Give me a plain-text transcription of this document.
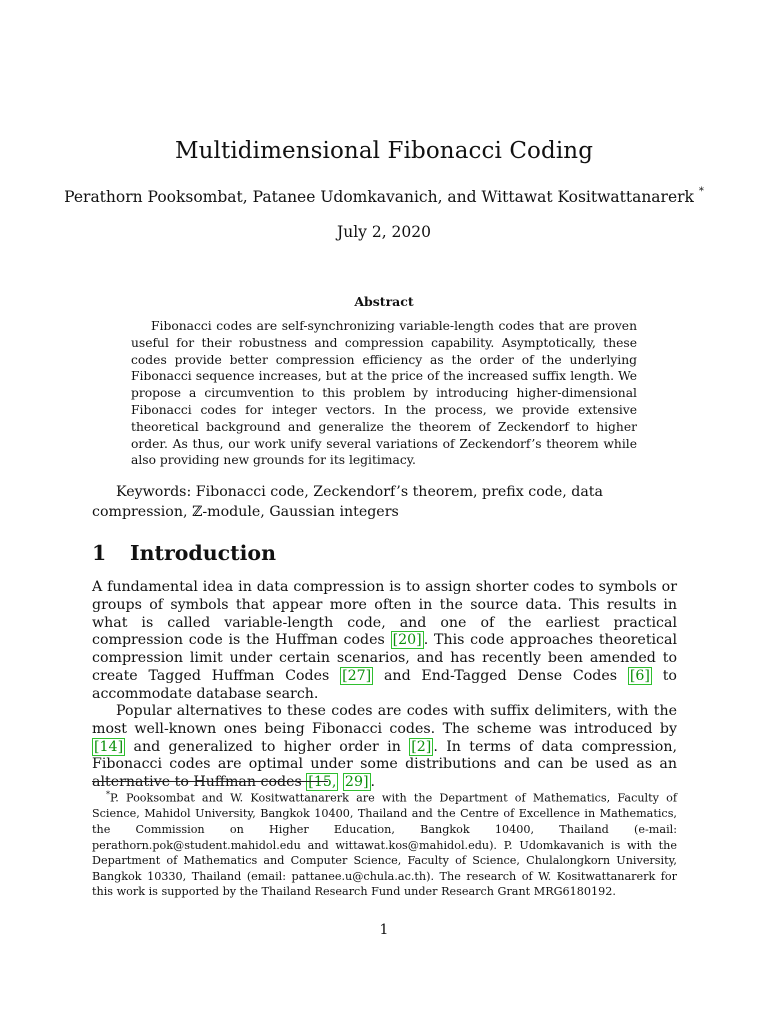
Multidimensional Fibonacci Coding
Perathorn Pooksombat, Patanee Udomkavanich, and Wittawat Kositwattanarerk *
July 2, 2020
Abstract

Fibonacci codes are self-synchronizing variable-length codes that are proven useful for their robustness and compression capability. Asymptotically, these codes provide better compression efficiency as the order of the underlying Fibonacci sequence increases, but at the price of the increased suffix length. We propose a circumvention to this problem by introducing higher-dimensional Fibonacci codes for integer vectors. In the process, we provide extensive theoretical background and generalize the theorem of Zeckendorf to higher order. As thus, our work unify several variations of Zeckendorf’s theorem while also providing new grounds for its legitimacy.

Keywords: Fibonacci code, Zeckendorf’s theorem, prefix code, data compression, ℤ-module, Gaussian integers

1 Introduction

A fundamental idea in data compression is to assign shorter codes to symbols or groups of symbols that appear more often in the source data. This results in what is called variable-length code, and one of the earliest practical compression code is the Huffman codes [20] . This code approaches theoretical compression limit under certain scenarios, and has recently been amended to create Tagged Huffman Codes [27] and End-Tagged Dense Codes [6] to accommodate database search.

Popular alternatives to these codes are codes with suffix delimiters, with the most well-known ones being Fibonacci codes. The scheme was introduced by [14] and generalized to higher order in [2] . In terms of data compression, Fibonacci codes are optimal under some distributions and can be used as an alternative to Huffman codes [15, 29] .

*P. Pooksombat and W. Kositwattanarerk are with the Department of Mathematics, Faculty of Science, Mahidol University, Bangkok 10400, Thailand and the Centre of Excellence in Mathematics, the Commission on Higher Education, Bangkok 10400, Thailand (e-mail: perathorn.pok@student.mahidol.edu and wittawat.kos@mahidol.edu). P. Udomkavanich is with the Department of Mathematics and Computer Science, Faculty of Science, Chulalongkorn University, Bangkok 10330, Thailand (email: pattanee.u@chula.ac.th). The research of W. Kositwattanarerk for this work is supported by the Thailand Research Fund under Research Grant MRG6180192.

1
